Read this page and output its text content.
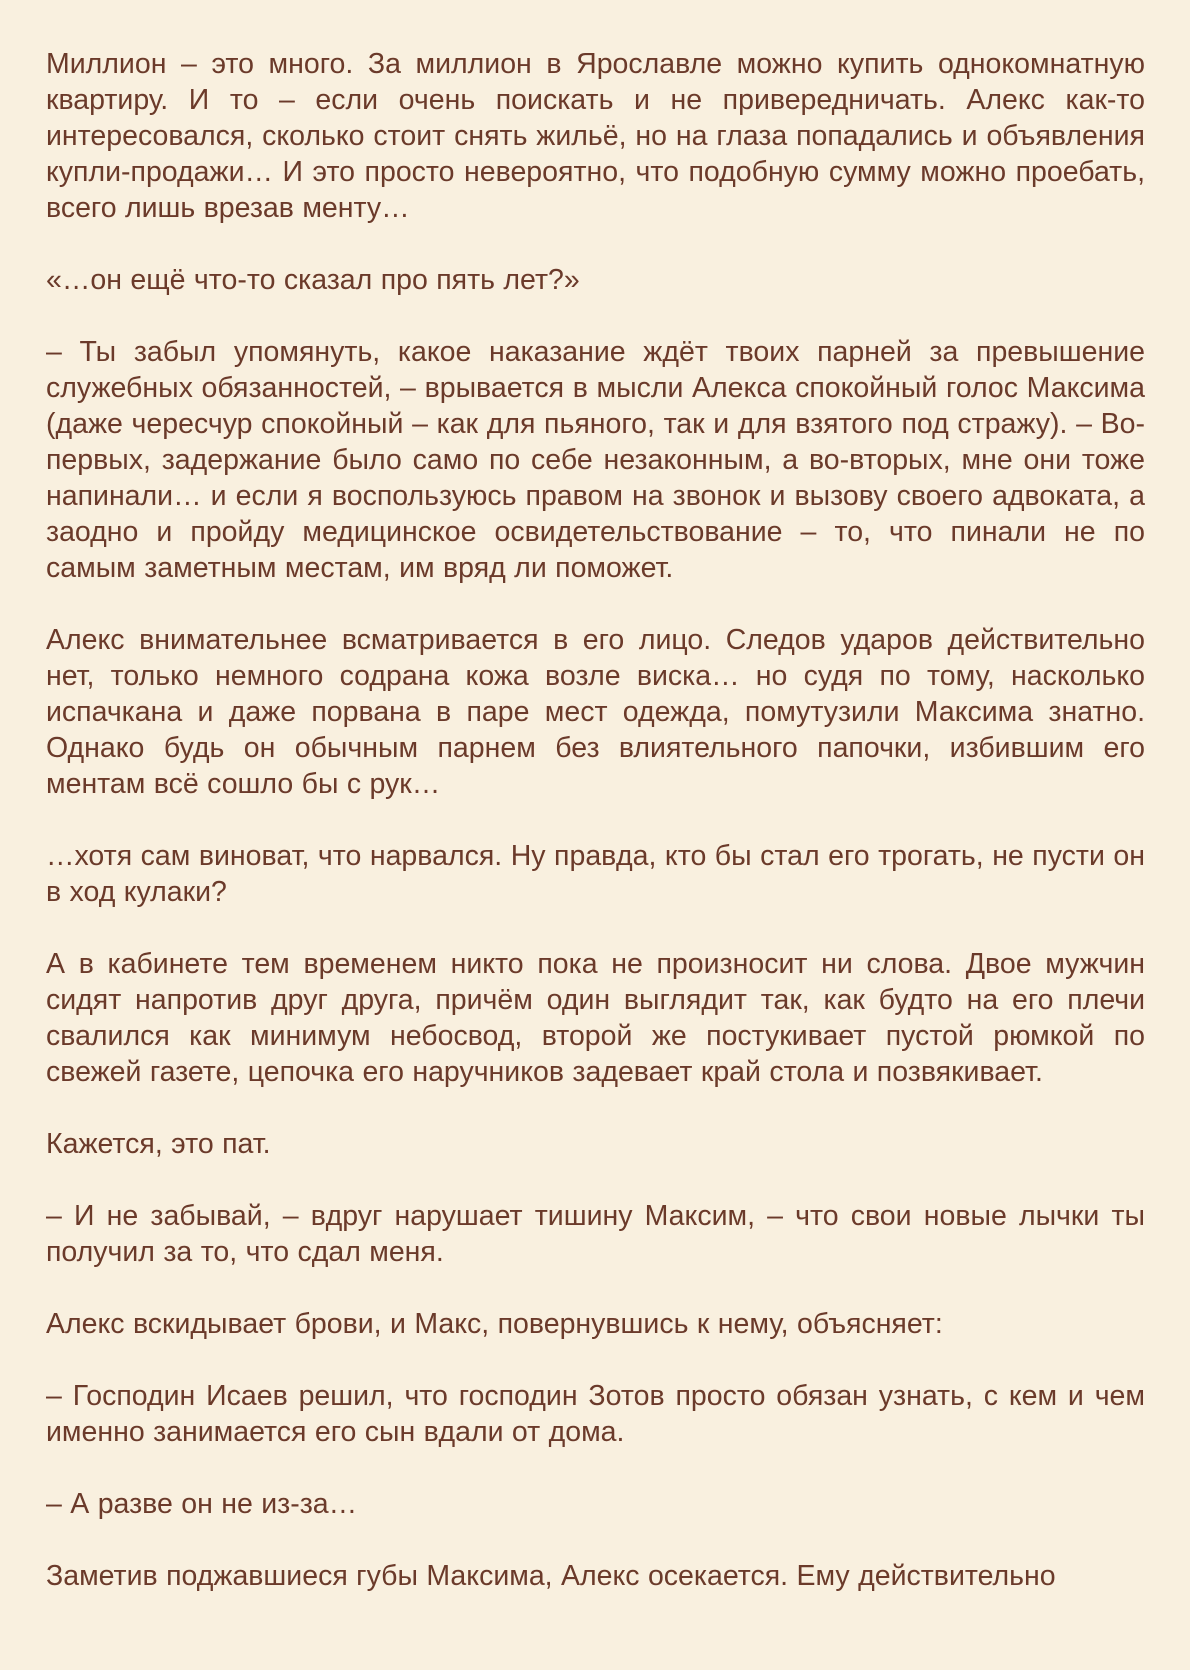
Миллион – это много. За миллион в Ярославле можно купить однокомнатную квартиру. И то – если очень поискать и не привередничать. Алекс как-то интересовался, сколько стоит снять жильё, но на глаза попадались и объявления купли-продажи… И это просто невероятно, что подобную сумму можно проебать, всего лишь врезав менту…

«…он ещё что-то сказал про пять лет?»

– Ты забыл упомянуть, какое наказание ждёт твоих парней за превышение служебных обязанностей, – врывается в мысли Алекса спокойный голос Максима (даже чересчур спокойный – как для пьяного, так и для взятого под стражу). – Во-первых, задержание было само по себе незаконным, а во-вторых, мне они тоже напинали… и если я воспользуюсь правом на звонок и вызову своего адвоката, а заодно и пройду медицинское освидетельствование – то, что пинали не по самым заметным местам, им вряд ли поможет.

Алекс внимательнее всматривается в его лицо. Следов ударов действительно нет, только немного содрана кожа возле виска… но судя по тому, насколько испачкана и даже порвана в паре мест одежда, помутузили Максима знатно. Однако будь он обычным парнем без влиятельного папочки, избившим его ментам всё сошло бы с рук…

…хотя сам виноват, что нарвался. Ну правда, кто бы стал его трогать, не пусти он в ход кулаки?

А в кабинете тем временем никто пока не произносит ни слова. Двое мужчин сидят напротив друг друга, причём один выглядит так, как будто на его плечи свалился как минимум небосвод, второй же постукивает пустой рюмкой по свежей газете, цепочка его наручников задевает край стола и позвякивает.

Кажется, это пат.

– И не забывай, – вдруг нарушает тишину Максим, – что свои новые лычки ты получил за то, что сдал меня.

Алекс вскидывает брови, и Макс, повернувшись к нему, объясняет:

– Господин Исаев решил, что господин Зотов просто обязан узнать, с кем и чем именно занимается его сын вдали от дома.

– А разве он не из-за…

Заметив поджавшиеся губы Максима, Алекс осекается. Ему действительно
